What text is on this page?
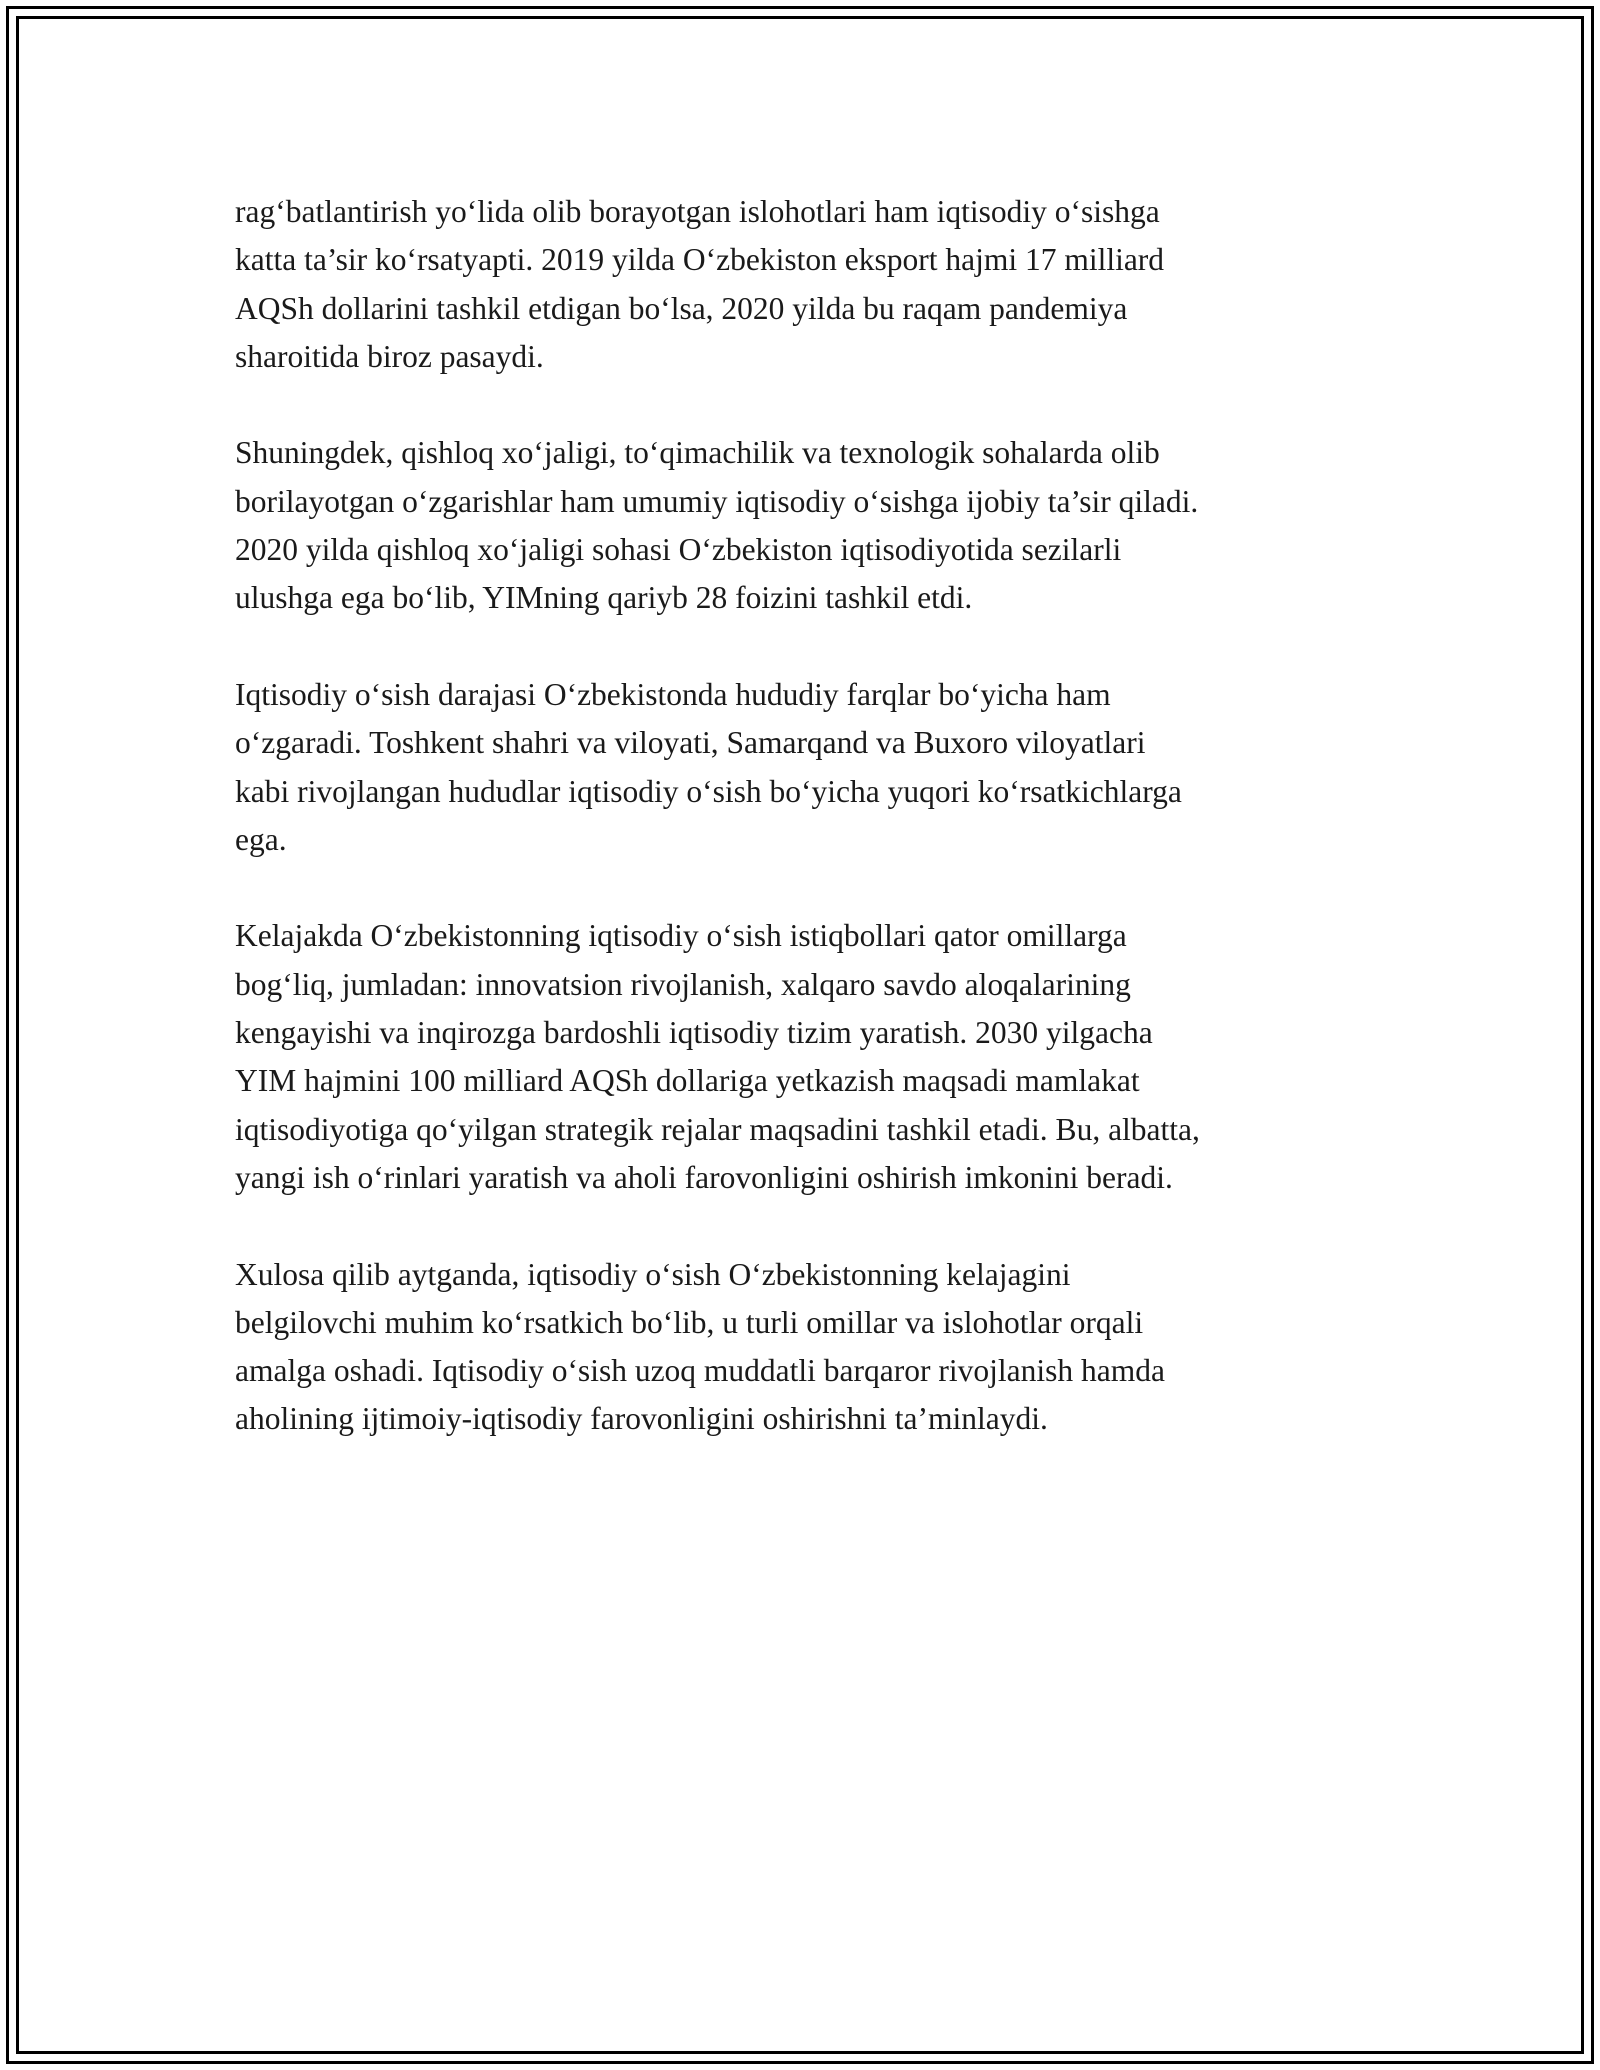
rag‘batlantirish yo‘lida olib borayotgan islohotlari ham iqtisodiy o‘sishga
katta ta’sir ko‘rsatyapti. 2019 yilda O‘zbekiston eksport hajmi 17 milliard
AQSh dollarini tashkil etdigan bo‘lsa, 2020 yilda bu raqam pandemiya
sharoitida biroz pasaydi.

Shuningdek, qishloq xo‘jaligi, to‘qimachilik va texnologik sohalarda olib
borilayotgan o‘zgarishlar ham umumiy iqtisodiy o‘sishga ijobiy ta’sir qiladi.
2020 yilda qishloq xo‘jaligi sohasi O‘zbekiston iqtisodiyotida sezilarli
ulushga ega bo‘lib, YIMning qariyb 28 foizini tashkil etdi.

Iqtisodiy o‘sish darajasi O‘zbekistonda hududiy farqlar bo‘yicha ham
o‘zgaradi. Toshkent shahri va viloyati, Samarqand va Buxoro viloyatlari
kabi rivojlangan hududlar iqtisodiy o‘sish bo‘yicha yuqori ko‘rsatkichlarga
ega.

Kelajakda O‘zbekistonning iqtisodiy o‘sish istiqbollari qator omillarga
bog‘liq, jumladan: innovatsion rivojlanish, xalqaro savdo aloqalarining
kengayishi va inqirozga bardoshli iqtisodiy tizim yaratish. 2030 yilgacha
YIM hajmini 100 milliard AQSh dollariga yetkazish maqsadi mamlakat
iqtisodiyotiga qo‘yilgan strategik rejalar maqsadini tashkil etadi. Bu, albatta,
yangi ish o‘rinlari yaratish va aholi farovonligini oshirish imkonini beradi.

Xulosa qilib aytganda, iqtisodiy o‘sish O‘zbekistonning kelajagini
belgilovchi muhim ko‘rsatkich bo‘lib, u turli omillar va islohotlar orqali
amalga oshadi. Iqtisodiy o‘sish uzoq muddatli barqaror rivojlanish hamda
aholining ijtimoiy-iqtisodiy farovonligini oshirishni ta’minlaydi.
